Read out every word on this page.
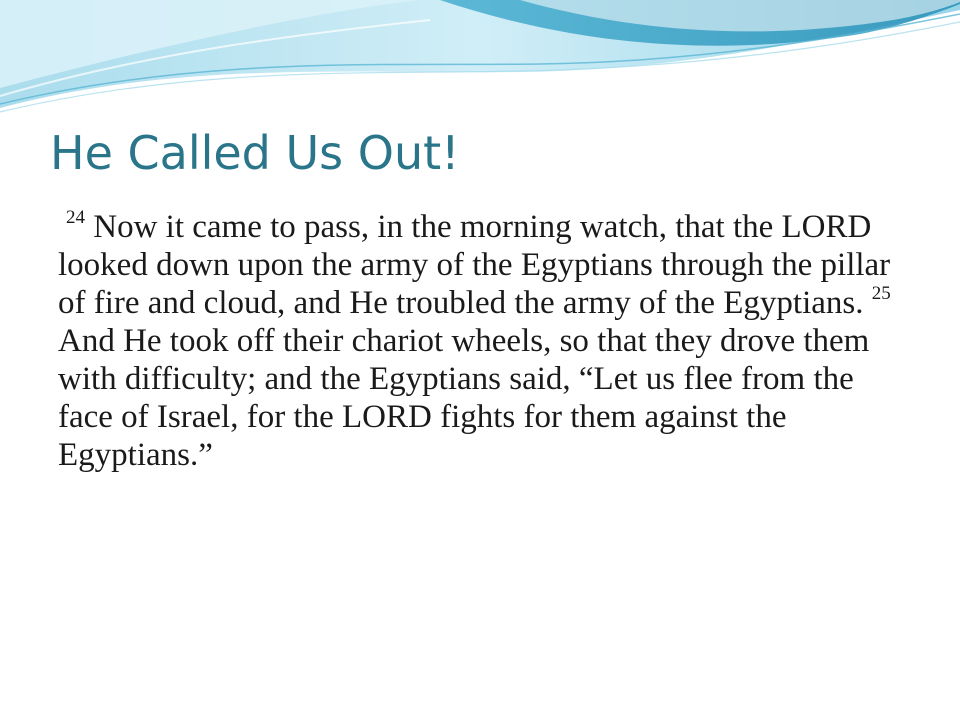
He Called Us Out!

$^{24}$ Now it came to pass, in the morning watch, that the LORD looked down upon the army of the Egyptians through the pillar of fire and cloud, and He troubled the army of the Egyptians. $^{25}$ And He took off their chariot wheels, so that they drove them with difficulty; and the Egyptians said, “Let us flee from the face of Israel, for the LORD fights for them against the Egyptians.”
